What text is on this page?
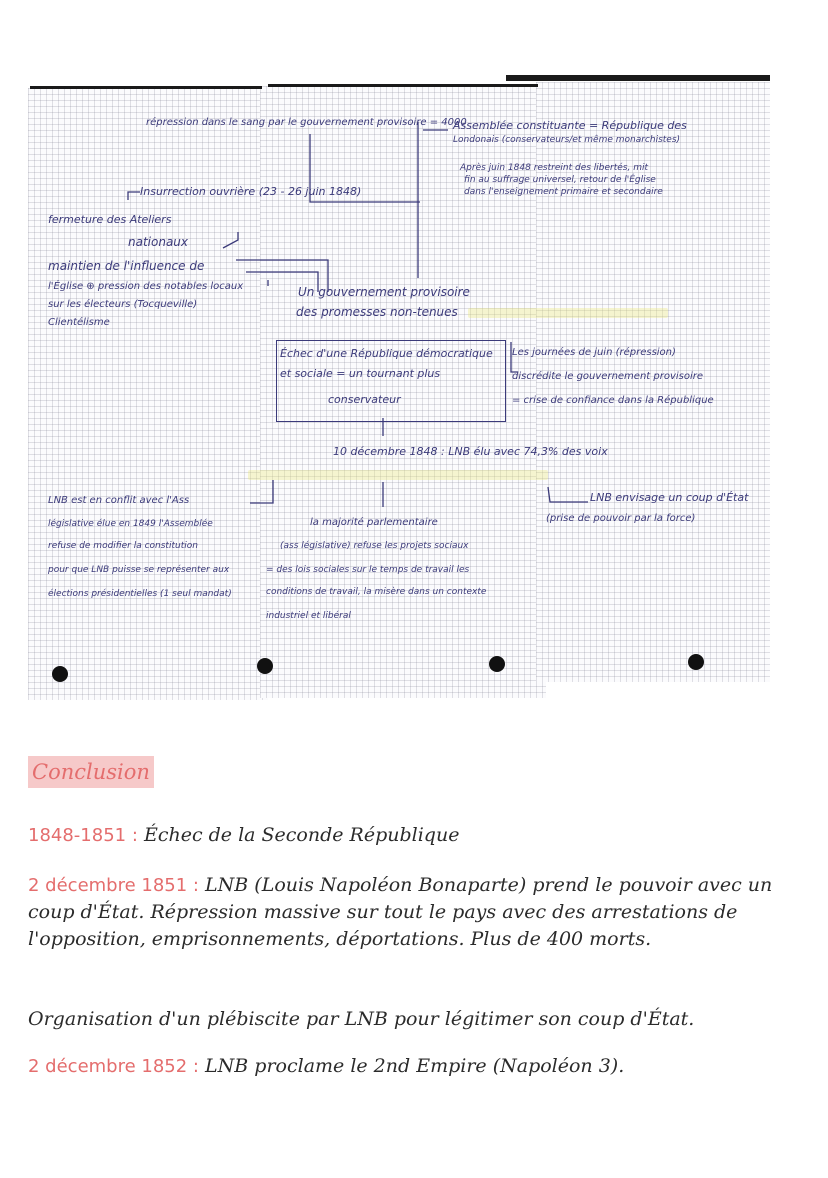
répression dans le sang par le gouvernement provisoire = 4000
Assemblée constituante = République des
Londonais (conservateurs/et même monarchistes)
Après juin 1848 restreint des libertés, mit
fin au suffrage universel, retour de l'Église
dans l'enseignement primaire et secondaire
Insurrection ouvrière (23 - 26 juin 1848)
fermeture des Ateliers
nationaux
maintien de l'influence de
l'Église ⊕ pression des notables locaux
sur les électeurs (Tocqueville)
Clientélisme
Un gouvernement provisoire
des promesses non-tenues
Échec d'une République démocratique
et sociale = un tournant plus
conservateur
Les journées de juin (répression)
discrédite le gouvernement provisoire
= crise de confiance dans la République
10 décembre 1848 : LNB élu avec 74,3% des voix
LNB est en conflit avec l'Ass
législative élue en 1849 l'Assemblée
refuse de modifier la constitution
pour que LNB puisse se représenter aux
élections présidentielles (1 seul mandat)
la majorité parlementaire
(ass législative) refuse les projets sociaux
= des lois sociales sur le temps de travail les
conditions de travail, la misère dans un contexte
industriel et libéral
LNB envisage un coup d'État
(prise de pouvoir par la force)
Conclusion
1848-1851 : Échec de la Seconde République
2 décembre 1851 : LNB (Louis Napoléon Bonaparte) prend le pouvoir avec un coup d'État. Répression massive sur tout le pays avec des arrestations de l'opposition, emprisonnements, déportations. Plus de 400 morts.
Organisation d'un plébiscite par LNB pour légitimer son coup d'État.
2 décembre 1852 : LNB proclame le 2nd Empire (Napoléon 3).
